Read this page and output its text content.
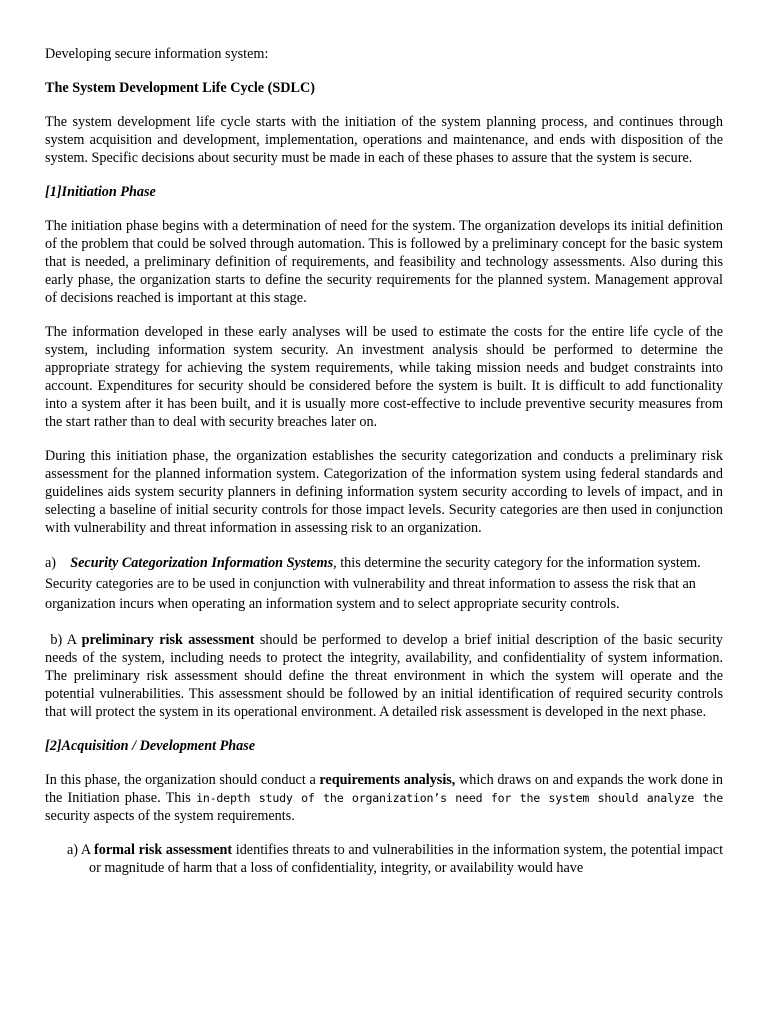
Developing secure information system:

The System Development Life Cycle (SDLC)

The system development life cycle starts with the initiation of the system planning process, and continues through system acquisition and development, implementation, operations and maintenance, and ends with disposition of the system. Specific decisions about security must be made in each of these phases to assure that the system is secure.

[1]Initiation Phase

The initiation phase begins with a determination of need for the system. The organization develops its initial definition of the problem that could be solved through automation. This is followed by a preliminary concept for the basic system that is needed, a preliminary definition of requirements, and feasibility and technology assessments. Also during this early phase, the organization starts to define the security requirements for the planned system. Management approval of decisions reached is important at this stage.

The information developed in these early analyses will be used to estimate the costs for the entire life cycle of the system, including information system security. An investment analysis should be performed to determine the appropriate strategy for achieving the system requirements, while taking mission needs and budget constraints into account. Expenditures for security should be considered before the system is built. It is difficult to add functionality into a system after it has been built, and it is usually more cost-effective to include preventive security measures from the start rather than to deal with security breaches later on.

During this initiation phase, the organization establishes the security categorization and conducts a preliminary risk assessment for the planned information system. Categorization of the information system using federal standards and guidelines aids system security planners in defining information system security according to levels of impact, and in selecting a baseline of initial security controls for those impact levels. Security categories are then used in conjunction with vulnerability and threat information in assessing risk to an organization.

a)    Security Categorization Information Systems, this determine the security category for the information system. Security categories are to be used in conjunction with vulnerability and threat information to assess the risk that an organization incurs when operating an information system and to select appropriate security controls.

b) A preliminary risk assessment should be performed to develop a brief initial description of the basic security needs of the system, including needs to protect the integrity, availability, and confidentiality of system information. The preliminary risk assessment should define the threat environment in which the system will operate and the potential vulnerabilities. This assessment should be followed by an initial identification of required security controls that will protect the system in its operational environment. A detailed risk assessment is developed in the next phase.

[2]Acquisition / Development Phase

In this phase, the organization should conduct a requirements analysis, which draws on and expands the work done in the Initiation phase. This in-depth study of the organization’s need for the system should analyze the security aspects of the system requirements.

a) A formal risk assessment identifies threats to and vulnerabilities in the information system, the potential impact or magnitude of harm that a loss of confidentiality, integrity, or availability would have
